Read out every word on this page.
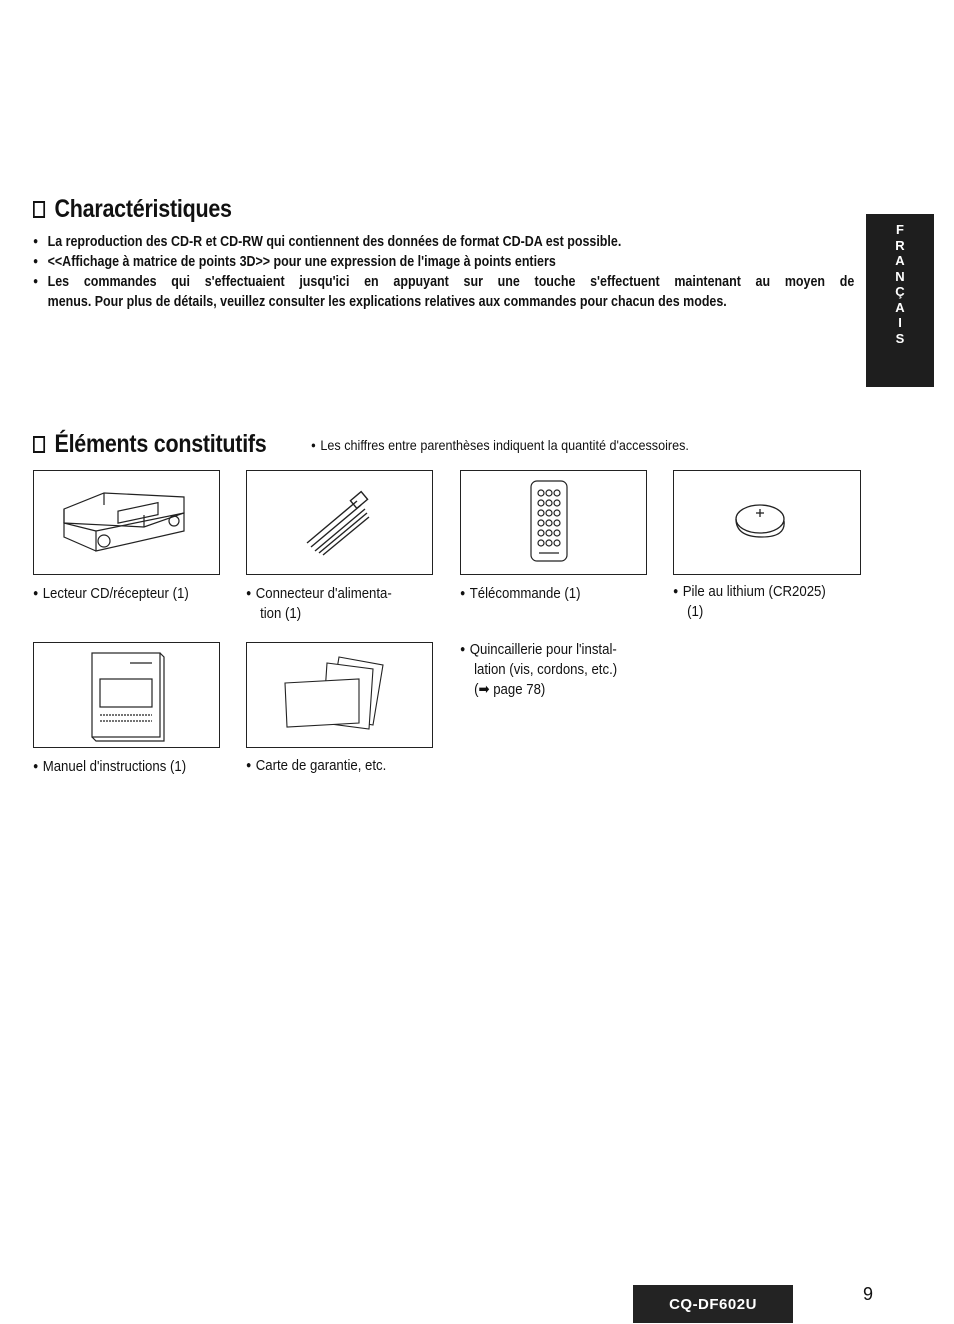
F
R
A
N
Ç
A
I
S
Charactéristiques

● La reproduction des CD-R et CD-RW qui contiennent des données de format CD-DA est possible.

● <<Affichage à matrice de points 3D>> pour une expression de l'image à points entiers

● Les commandes qui s'effectuaient jusqu'ici en appuyant sur une touche s'effectuent maintenant au moyen de

menus. Pour plus de détails, veuillez consulter les explications relatives aux commandes pour chacun des modes.

Éléments constitutifs	● Les chiffres entre parenthèses indiquent la quantité d'accessoires.
● Lecteur CD/récepteur (1)	● Connecteur d'alimenta-
tion (1)
● Télécommande (1)	● Pile au lithium (CR2025)
(1)
● Manuel d'instructions (1)	● Carte de garantie, etc.
● Quincaillerie pour l'instal-
lation (vis, cordons, etc.)
(➡ page 78)
CQ-DF602U	9
